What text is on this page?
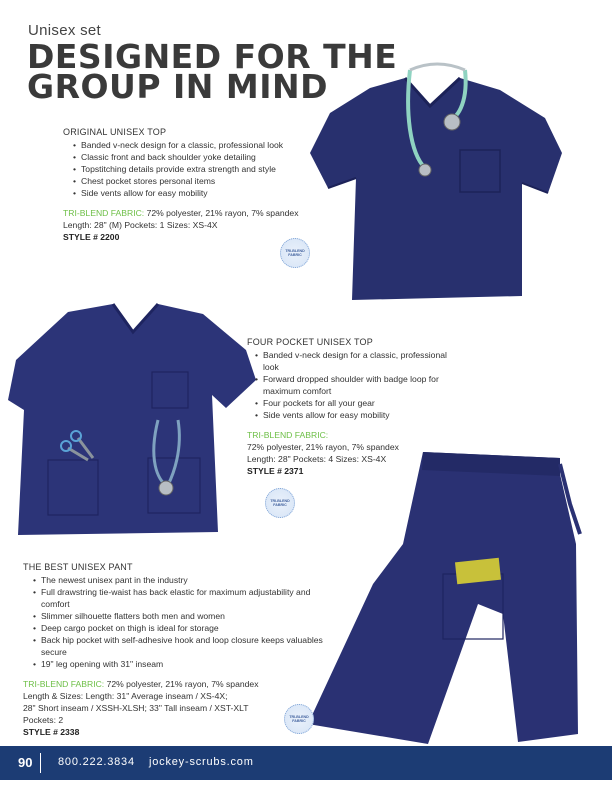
Unisex set
DESIGNED FOR THE
GROUP IN MIND
ORIGINAL UNISEX TOP
• Banded v-neck design for a classic, professional look
• Classic front and back shoulder yoke detailing
• Topstitching details provide extra strength and style
• Chest pocket stores personal items
• Side vents allow for easy mobility
TRI-BLEND FABRIC: 72% polyester, 21% rayon, 7% spandex
Length: 28" (M) Pockets: 1 Sizes: XS-4X
STYLE # 2200
TRI-BLEND FABRIC
FOUR POCKET UNISEX TOP
• Banded v-neck design for a classic, professional look
• Forward dropped shoulder with badge loop for maximum comfort
• Four pockets for all your gear
• Side vents allow for easy mobility
TRI-BLEND FABRIC:
72% polyester, 21% rayon, 7% spandex
Length: 28" Pockets: 4 Sizes: XS-4X
STYLE # 2371
TRI-BLEND FABRIC
THE BEST UNISEX PANT
• The newest unisex pant in the industry
• Full drawstring tie-waist has back elastic for maximum adjustability and comfort
• Slimmer silhouette flatters both men and women
• Deep cargo pocket on thigh is ideal for storage
• Back hip pocket with self-adhesive hook and loop closure keeps valuables secure
• 19" leg opening with 31" inseam
TRI-BLEND FABRIC: 72% polyester, 21% rayon, 7% spandex
Length & Sizes: Length: 31" Average inseam / XS-4X;
28" Short inseam / XSSH-XLSH; 33" Tall inseam / XST-XLT
Pockets: 2
STYLE # 2338
TRI-BLEND FABRIC
90 800.222.3834 jockey-scrubs.com
